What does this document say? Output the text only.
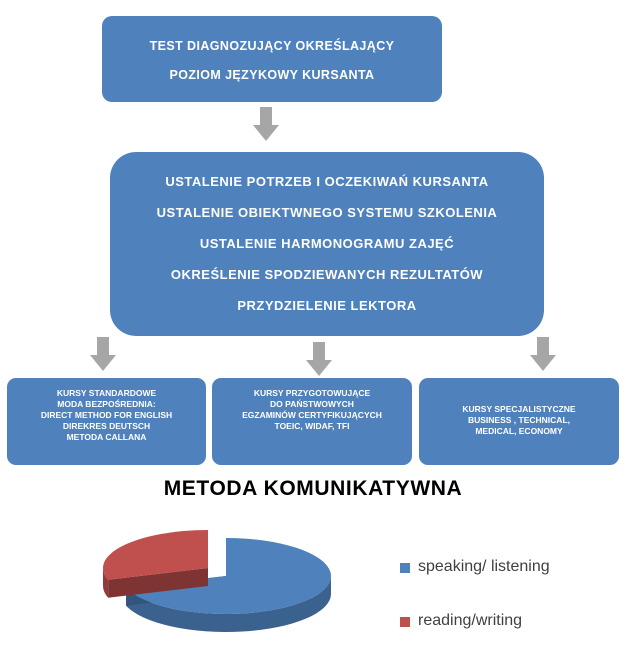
TEST DIAGNOZUJĄCY OKREŚLAJĄCY
POZIOM JĘZYKOWY KURSANTA
USTALENIE POTRZEB I OCZEKIWAŃ KURSANTA
USTALENIE OBIEKTWNEGO SYSTEMU SZKOLENIA
USTALENIE HARMONOGRAMU ZAJĘĆ
OKREŚLENIE SPODZIEWANYCH REZULTATÓW
PRZYDZIELENIE LEKTORA
KURSY STANDARDOWE
MODA BEZPOŚREDNIA:
DIRECT METHOD FOR ENGLISH
DIREKRES DEUTSCH
METODA CALLANA
KURSY PRZYGOTOWUJĄCE
DO PAŃSTWOWYCH
EGZAMINÓW CERTYFIKUJĄCYCH
TOEIC, WIDAF, TFI
KURSY SPECJALISTYCZNE
BUSINESS , TECHNICAL,
MEDICAL, ECONOMY
METODA KOMUNIKATYWNA
speaking/ listening
reading/writing
